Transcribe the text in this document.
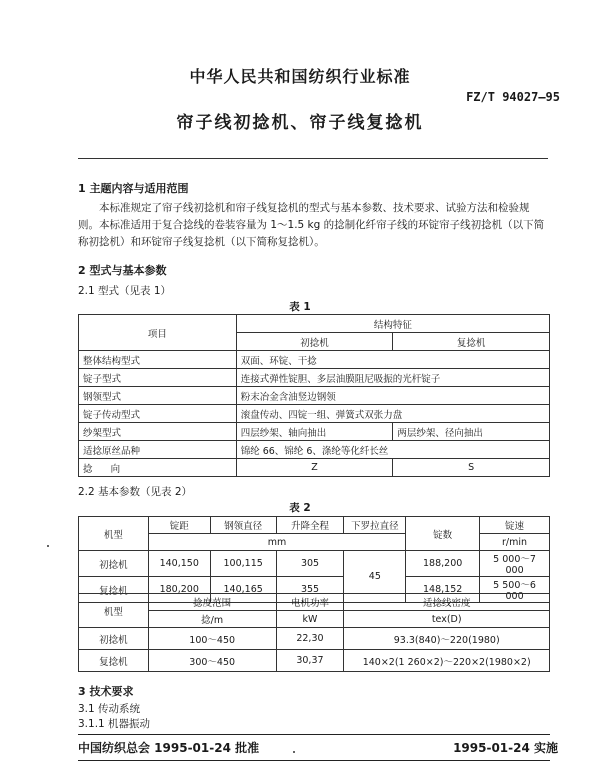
中华人民共和国纺织行业标准
FZ/T 94027—95
帘子线初捻机、帘子线复捻机
1 主题内容与适用范围
本标准规定了帘子线初捻机和帘子线复捻机的型式与基本参数、技术要求、试验方法和检验规则。 本标准适用于复合捻线的卷装容量为 1～1.5 kg 的捻制化纤帘子线的环锭帘子线初捻机（以下简称初捻机）和环锭帘子线复捻机（以下简称复捻机）。
2 型式与基本参数
2.1 型式（见表 1）
表 1
项目	结构特征	
	初捻机	复捻机
整体结构型式	双面、环锭、干捻	
锭子型式	连接式弹性锭胆、多层油膜阻尼吸振的光杆锭子	
钢领型式	粉末冶金含油竖边钢领	
锭子传动型式	滚盘传动、四锭一组、弹簧式双张力盘	
纱架型式	四层纱架、轴向抽出	两层纱架、径向抽出
适捻原丝品种	锦纶 66、锦纶 6、涤纶等化纤长丝	
捻      向	Z	S
2.2 基本参数（见表 2）
表 2
机型	锭距	钢领直径	升降全程	下罗拉直径	锭数	锭速
	mm					r/min
初捻机	140,150	100,115	305	45	188,200	5 000～7 000
复捻机	180,200	140,165	355		148,152	5 500～6 000
机型	捻度范围	电机功率	适捻线密度
	捻/m	kW	tex(D)
初捻机	100～450	22,30	93.3(840)～220(1980)
复捻机	300～450	30,37	140×2(1 260×2)～220×2(1980×2)
3 技术要求
3.1 传动系统
3.1.1 机器振动
中国纺织总会 1995-01-24 批准	1995-01-24 实施
